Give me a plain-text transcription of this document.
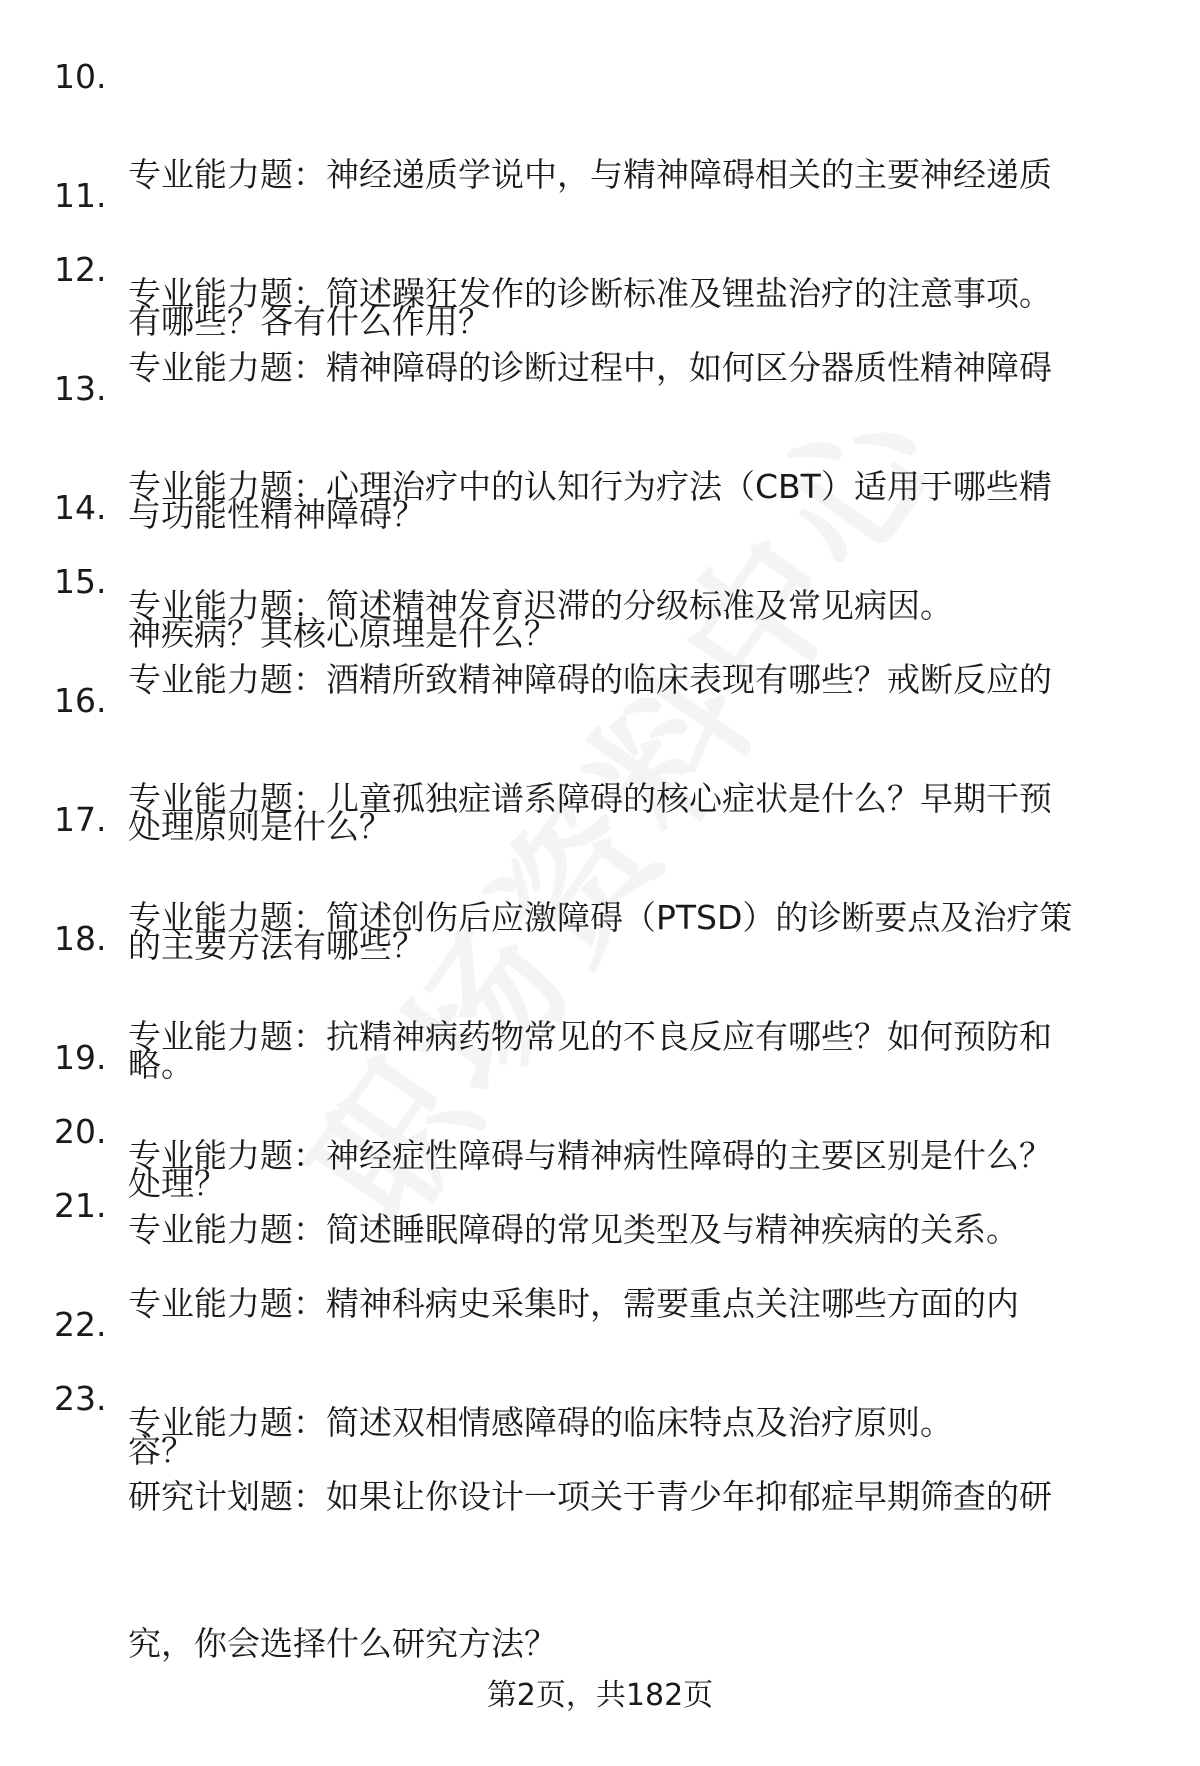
10.

专业能力题：神经递质学说中，与精神障碍相关的主要神经递质

有哪些？各有什么作用？

11.

专业能力题：简述躁狂发作的诊断标准及锂盐治疗的注意事项。

12.

专业能力题：精神障碍的诊断过程中，如何区分器质性精神障碍

与功能性精神障碍？

13.

专业能力题：心理治疗中的认知行为疗法（CBT）适用于哪些精

神疾病？其核心原理是什么？

14.

专业能力题：简述精神发育迟滞的分级标准及常见病因。

15.

专业能力题：酒精所致精神障碍的临床表现有哪些？戒断反应的

处理原则是什么？

16.

专业能力题：儿童孤独症谱系障碍的核心症状是什么？早期干预

的主要方法有哪些？

17.

专业能力题：简述创伤后应激障碍（PTSD）的诊断要点及治疗策

略。

18.

专业能力题：抗精神病药物常见的不良反应有哪些？如何预防和

处理？

19.

专业能力题：神经症性障碍与精神病性障碍的主要区别是什么？

20.

专业能力题：简述睡眠障碍的常见类型及与精神疾病的关系。

21.

专业能力题：精神科病史采集时，需要重点关注哪些方面的内

容？

22.

专业能力题：简述双相情感障碍的临床特点及治疗原则。

23.

研究计划题：如果让你设计一项关于青少年抑郁症早期筛查的研

究，你会选择什么研究方法？

第2页，共182页
